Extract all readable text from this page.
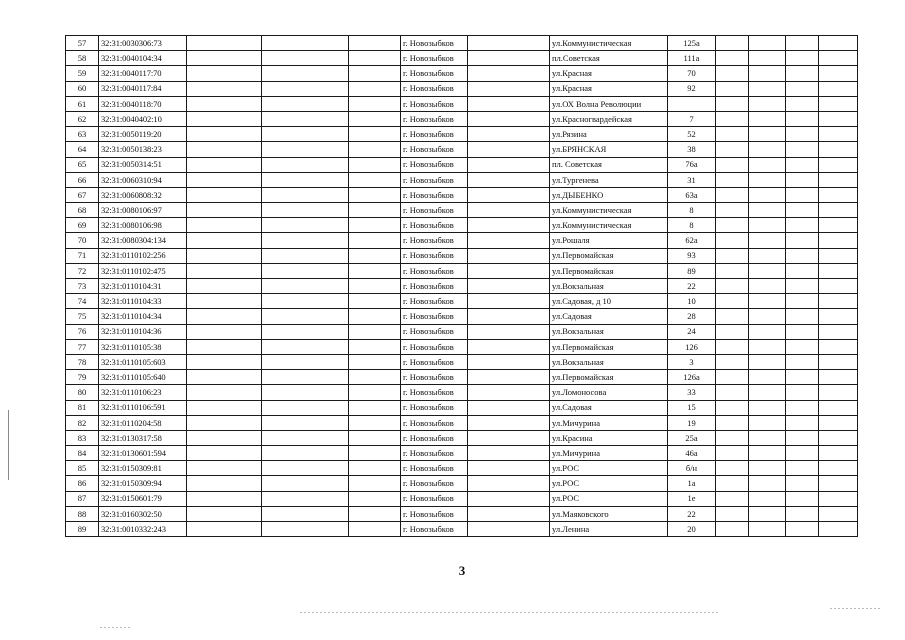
57	32:31:0030306:73				г. Новозыбков		ул.Коммунистическая	125а				
58	32:31:0040104:34				г. Новозыбков		пл.Советская	111а				
59	32:31:0040117:70				г. Новозыбков		ул.Красная	70				
60	32:31:0040117:84				г. Новозыбков		ул.Красная	92				
61	32:31:0040118:70				г. Новозыбков		ул.ОХ Волна Революции					
62	32:31:0040402:10				г. Новозыбков		ул.Красногвардейская	7				
63	32:31:0050119:20				г. Новозыбков		ул.Рязина	52				
64	32:31:0050138:23				г. Новозыбков		ул.БРЯНСКАЯ	38				
65	32:31:0050314:51				г. Новозыбков		пл. Советская	76а				
66	32:31:0060310:94				г. Новозыбков		ул.Тургенева	31				
67	32:31:0060808:32				г. Новозыбков		ул.ДЫБЕНКО	63а				
68	32:31:0080106:97				г. Новозыбков		ул.Коммунистическая	8				
69	32:31:0080106:98				г. Новозыбков		ул.Коммунистическая	8				
70	32:31:0080304:134				г. Новозыбков		ул.Рошаля	62а				
71	32:31:0110102:256				г. Новозыбков		ул.Первомайская	93				
72	32:31:0110102:475				г. Новозыбков		ул.Первомайская	89				
73	32:31:0110104:31				г. Новозыбков		ул.Вокзальная	22				
74	32:31:0110104:33				г. Новозыбков		ул.Садовая, д 10	10				
75	32:31:0110104:34				г. Новозыбков		ул.Садовая	28				
76	32:31:0110104:36				г. Новозыбков		ул.Вокзальная	24				
77	32:31:0110105:38				г. Новозыбков		ул.Первомайская	126				
78	32:31:0110105:603				г. Новозыбков		ул.Вокзальная	3				
79	32:31:0110105:640				г. Новозыбков		ул.Первомайская	126а				
80	32:31:0110106:23				г. Новозыбков		ул.Ломоносова	33				
81	32:31:0110106:591				г. Новозыбков		ул.Садовая	15				
82	32:31:0110204:58				г. Новозыбков		ул.Мичурина	19				
83	32:31:0130317:58				г. Новозыбков		ул.Красина	25а				
84	32:31:0130601:594				г. Новозыбков		ул.Мичурина	46а				
85	32:31:0150309:81				г. Новозыбков		ул.РОС	б/н				
86	32:31:0150309:94				г. Новозыбков		ул.РОС	1а				
87	32:31:0150601:79				г. Новозыбков		ул.РОС	1е				
88	32:31:0160302:50				г. Новозыбков		ул.Маяковского	22				
89	32:31:0010332:243				г. Новозыбков		ул.Ленина	20				
3
